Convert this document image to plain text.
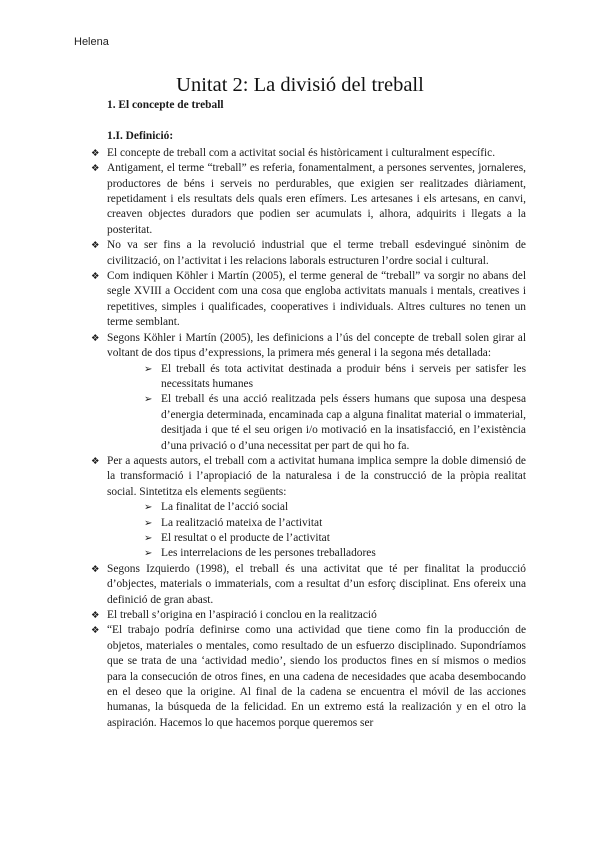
Helena
Unitat 2: La divisió del treball
1. El concepte de treball
1.I. Definició:
❖ El concepte de treball com a activitat social és històricament i culturalment específic.
❖ Antigament, el terme “treball” es referia, fonamentalment, a persones serventes, jornaleres, productores de béns i serveis no perdurables, que exigien ser realitzades diàriament, repetidament i els resultats dels quals eren efímers. Les artesanes i els artesans, en canvi, creaven objectes duradors que podien ser acumulats i, alhora, adquirits i llegats a la posteritat.
❖ No va ser fins a la revolució industrial que el terme treball esdevingué sinònim de civilització, on l’activitat i les relacions laborals estructuren l’ordre social i cultural.
❖ Com indiquen Köhler i Martín (2005), el terme general de “treball” va sorgir no abans del segle XVIII a Occident com una cosa que engloba activitats manuals i mentals, creatives i repetitives, simples i qualificades, cooperatives i individuals. Altres cultures no tenen un terme semblant.
❖ Segons Köhler i Martín (2005), les definicions a l’ús del concepte de treball solen girar al voltant de dos tipus d’expressions, la primera més general i la segona més detallada:
➢ El treball és tota activitat destinada a produir béns i serveis per satisfer les necessitats humanes
➢ El treball és una acció realitzada pels éssers humans que suposa una despesa d’energia determinada, encaminada cap a alguna finalitat material o immaterial, desitjada i que té el seu origen i/o motivació en la insatisfacció, en l’existència d’una privació o d’una necessitat per part de qui ho fa.
❖ Per a aquests autors, el treball com a activitat humana implica sempre la doble dimensió de la transformació i l’apropiació de la naturalesa i de la construcció de la pròpia realitat social. Sintetitza els elements següents:
➢ La finalitat de l’acció social
➢ La realització mateixa de l’activitat
➢ El resultat o el producte de l’activitat
➢ Les interrelacions de les persones treballadores
❖ Segons Izquierdo (1998), el treball és una activitat que té per finalitat la producció d’objectes, materials o immaterials, com a resultat d’un esforç disciplinat. Ens ofereix una definició de gran abast.
❖ El treball s’origina en l’aspiració i conclou en la realització
❖ “El trabajo podría definirse como una actividad que tiene como fin la producción de objetos, materiales o mentales, como resultado de un esfuerzo disciplinado. Supondríamos que se trata de una ‘actividad medio’, siendo los productos fines en sí mismos o medios para la consecución de otros fines, en una cadena de necesidades que acaba desembocando en el deseo que la origine. Al final de la cadena se encuentra el móvil de las acciones humanas, la búsqueda de la felicidad. En un extremo está la realización y en el otro la aspiración. Hacemos lo que hacemos porque queremos ser
